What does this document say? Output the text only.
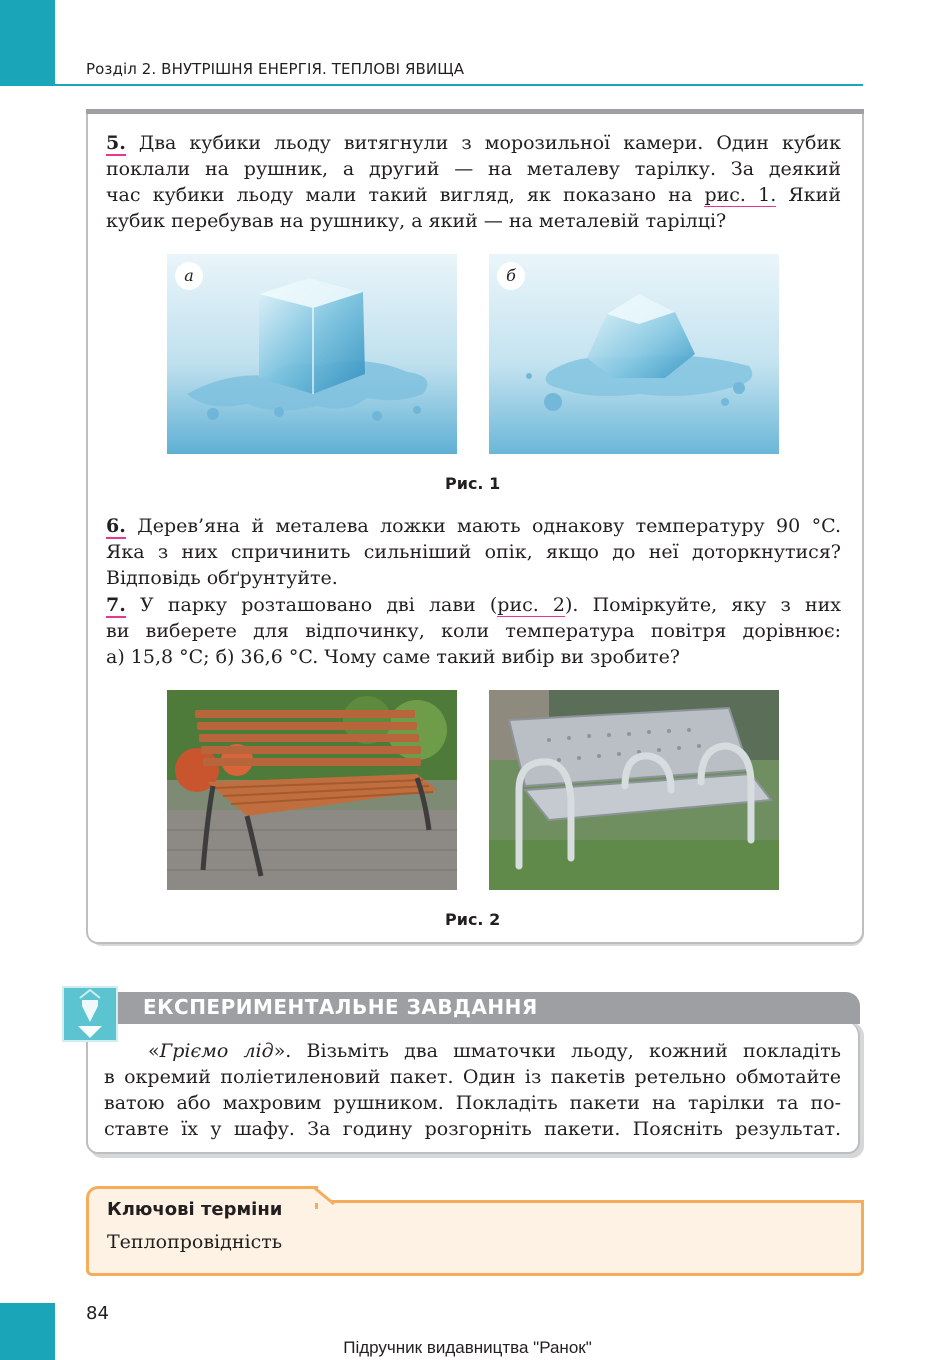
Розділ 2. ВНУТРІШНЯ ЕНЕРГІЯ. ТЕПЛОВІ ЯВИЩА
5. Два кубики льоду витягнули з морозильної камери. Один кубик
поклали на рушник, а другий — на металеву тарілку. За деякий
час кубики льоду мали такий вигляд, як показано на рис. 1. Який
кубик перебував на рушнику, а який — на металевій тарілці?
а	б
Рис. 1
6. Дерев’яна й металева ложки мають однакову температуру 90 °C.
Яка з них спричинить сильніший опік, якщо до неї доторкнутися?
Відповідь обґрунтуйте.
7. У парку розташовано дві лави (рис. 2). Поміркуйте, яку з них
ви виберете для відпочинку, коли температура повітря дорівнює:
а) 15,8 °C; б) 36,6 °C. Чому саме такий вибір ви зробите?
Рис. 2
ЕКСПЕРИМЕНТАЛЬНЕ ЗАВДАННЯ
«Гріємо лід». Візьміть два шматочки льоду, кожний покладіть
в окремий поліетиленовий пакет. Один із пакетів ретельно обмотайте
ватою або махровим рушником. Покладіть пакети на тарілки та по-
ставте їх у шафу. За годину розгорніть пакети. Поясніть результат.
Ключові терміни
Теплопровідність
84
Підручник видавництва "Ранок"
